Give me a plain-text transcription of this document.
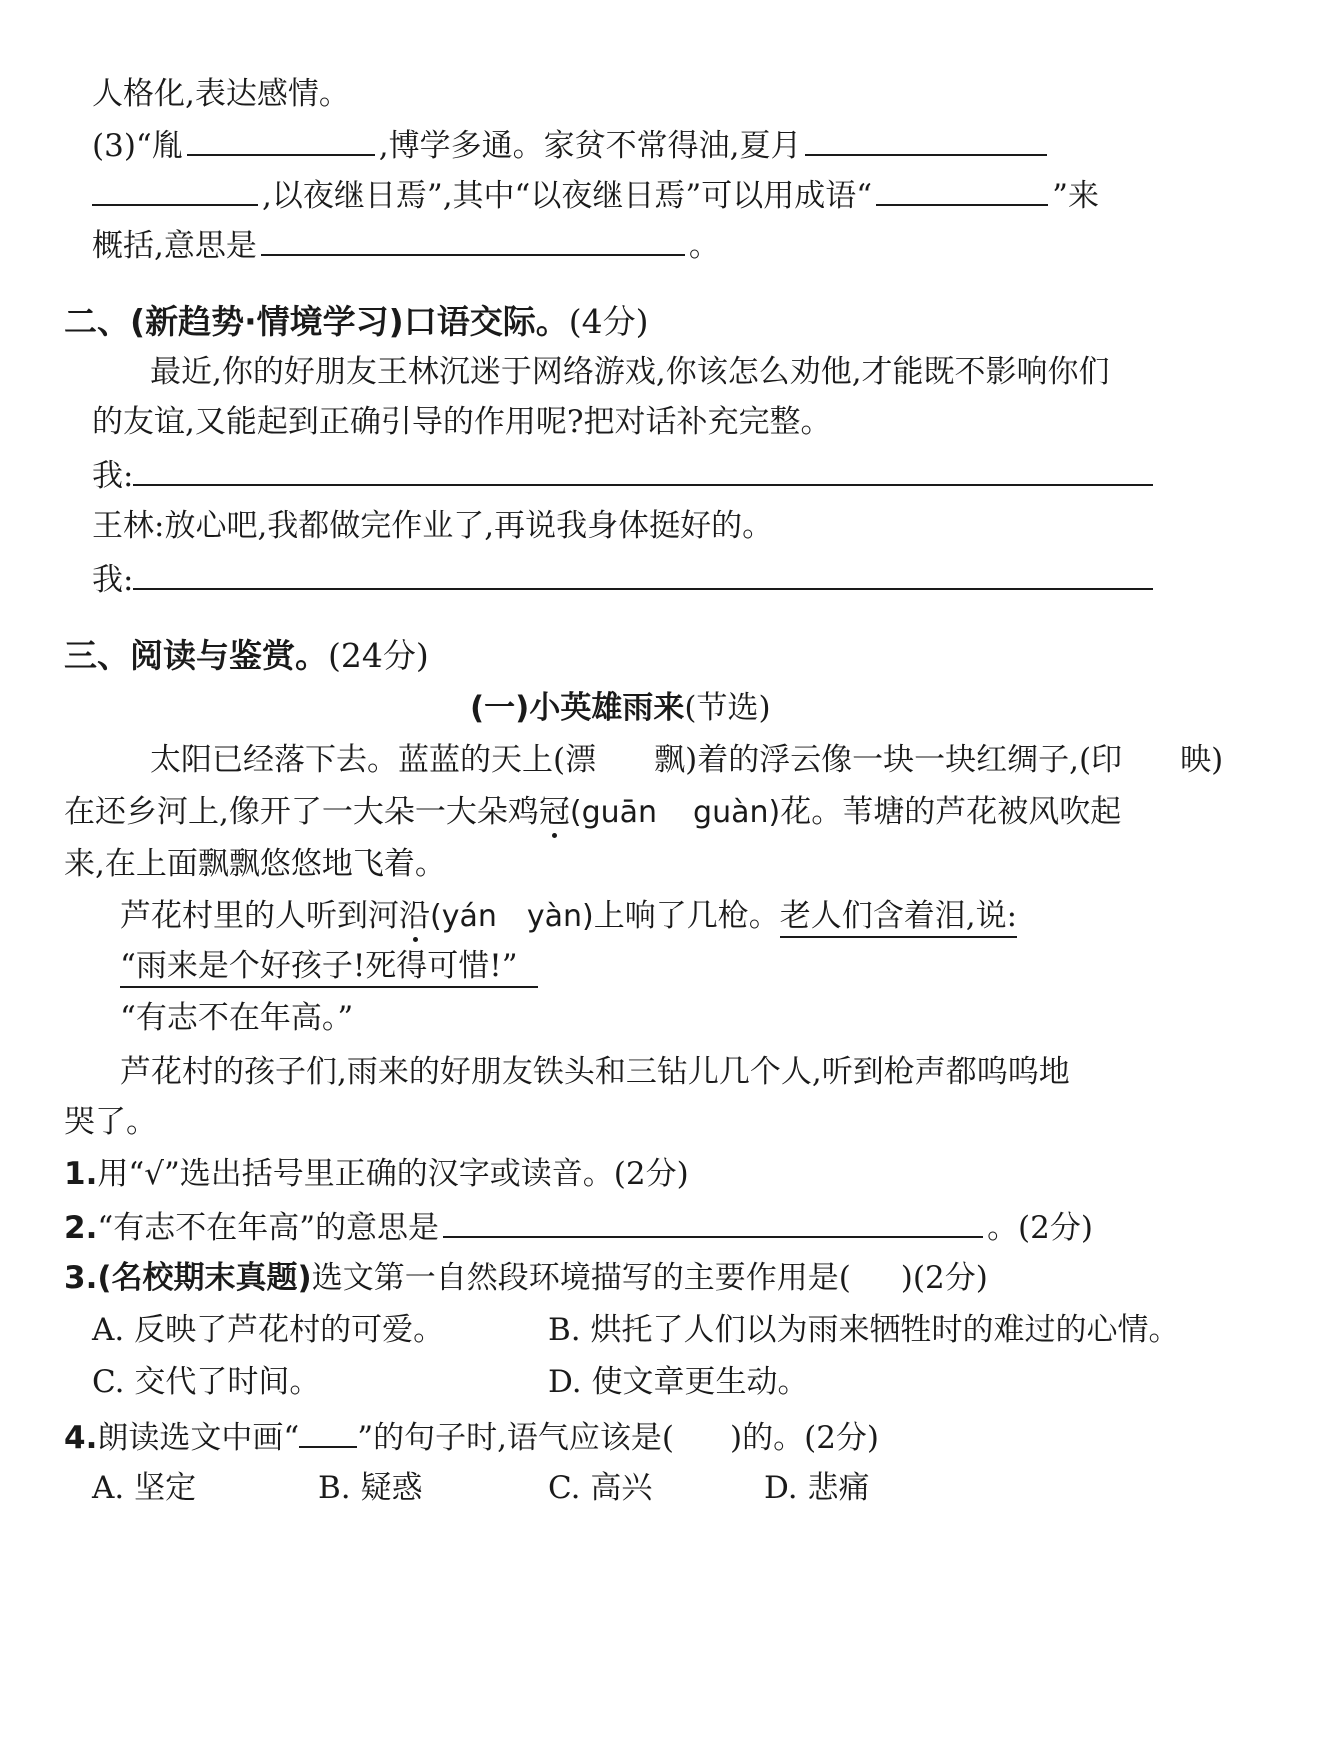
人格化,表达感情。
(3)“胤	,博学多通。家贫不常得油,夏月
,以夜继日焉”,其中“以夜继日焉”可以用成语“	”来
概括,意思是	。
二、(新趋势·情境学习)口语交际。(4分)
最近,你的好朋友王林沉迷于网络游戏,你该怎么劝他,才能既不影响你们
的友谊,又能起到正确引导的作用呢?把对话补充完整。
我:
王林:放心吧,我都做完作业了,再说我身体挺好的。
我:
三、阅读与鉴赏。(24分)
(一)小英雄雨来(节选)
太阳已经落下去。蓝蓝的天上(漂 飘)着的浮云像一块一块红绸子,(印 映)
在还乡河上,像开了一大朵一大朵鸡冠(guān guàn)花。苇塘的芦花被风吹起
来,在上面飘飘悠悠地飞着。
芦花村里的人听到河沿(yán yàn)上响了几枪。老人们含着泪,说:
“雨来是个好孩子!死得可惜!”
“有志不在年高。”
芦花村的孩子们,雨来的好朋友铁头和三钻儿几个人,听到枪声都呜呜地
哭了。
1.用“√”选出括号里正确的汉字或读音。(2分)
2.“有志不在年高”的意思是	。(2分)
3.(名校期末真题)选文第一自然段环境描写的主要作用是( )(2分)
A. 反映了芦花村的可爱。	B. 烘托了人们以为雨来牺牲时的难过的心情。
C. 交代了时间。	D. 使文章更生动。
4.朗读选文中画“ ”的句子时,语气应该是( )的。(2分)
A. 坚定	B. 疑惑	C. 高兴	D. 悲痛
